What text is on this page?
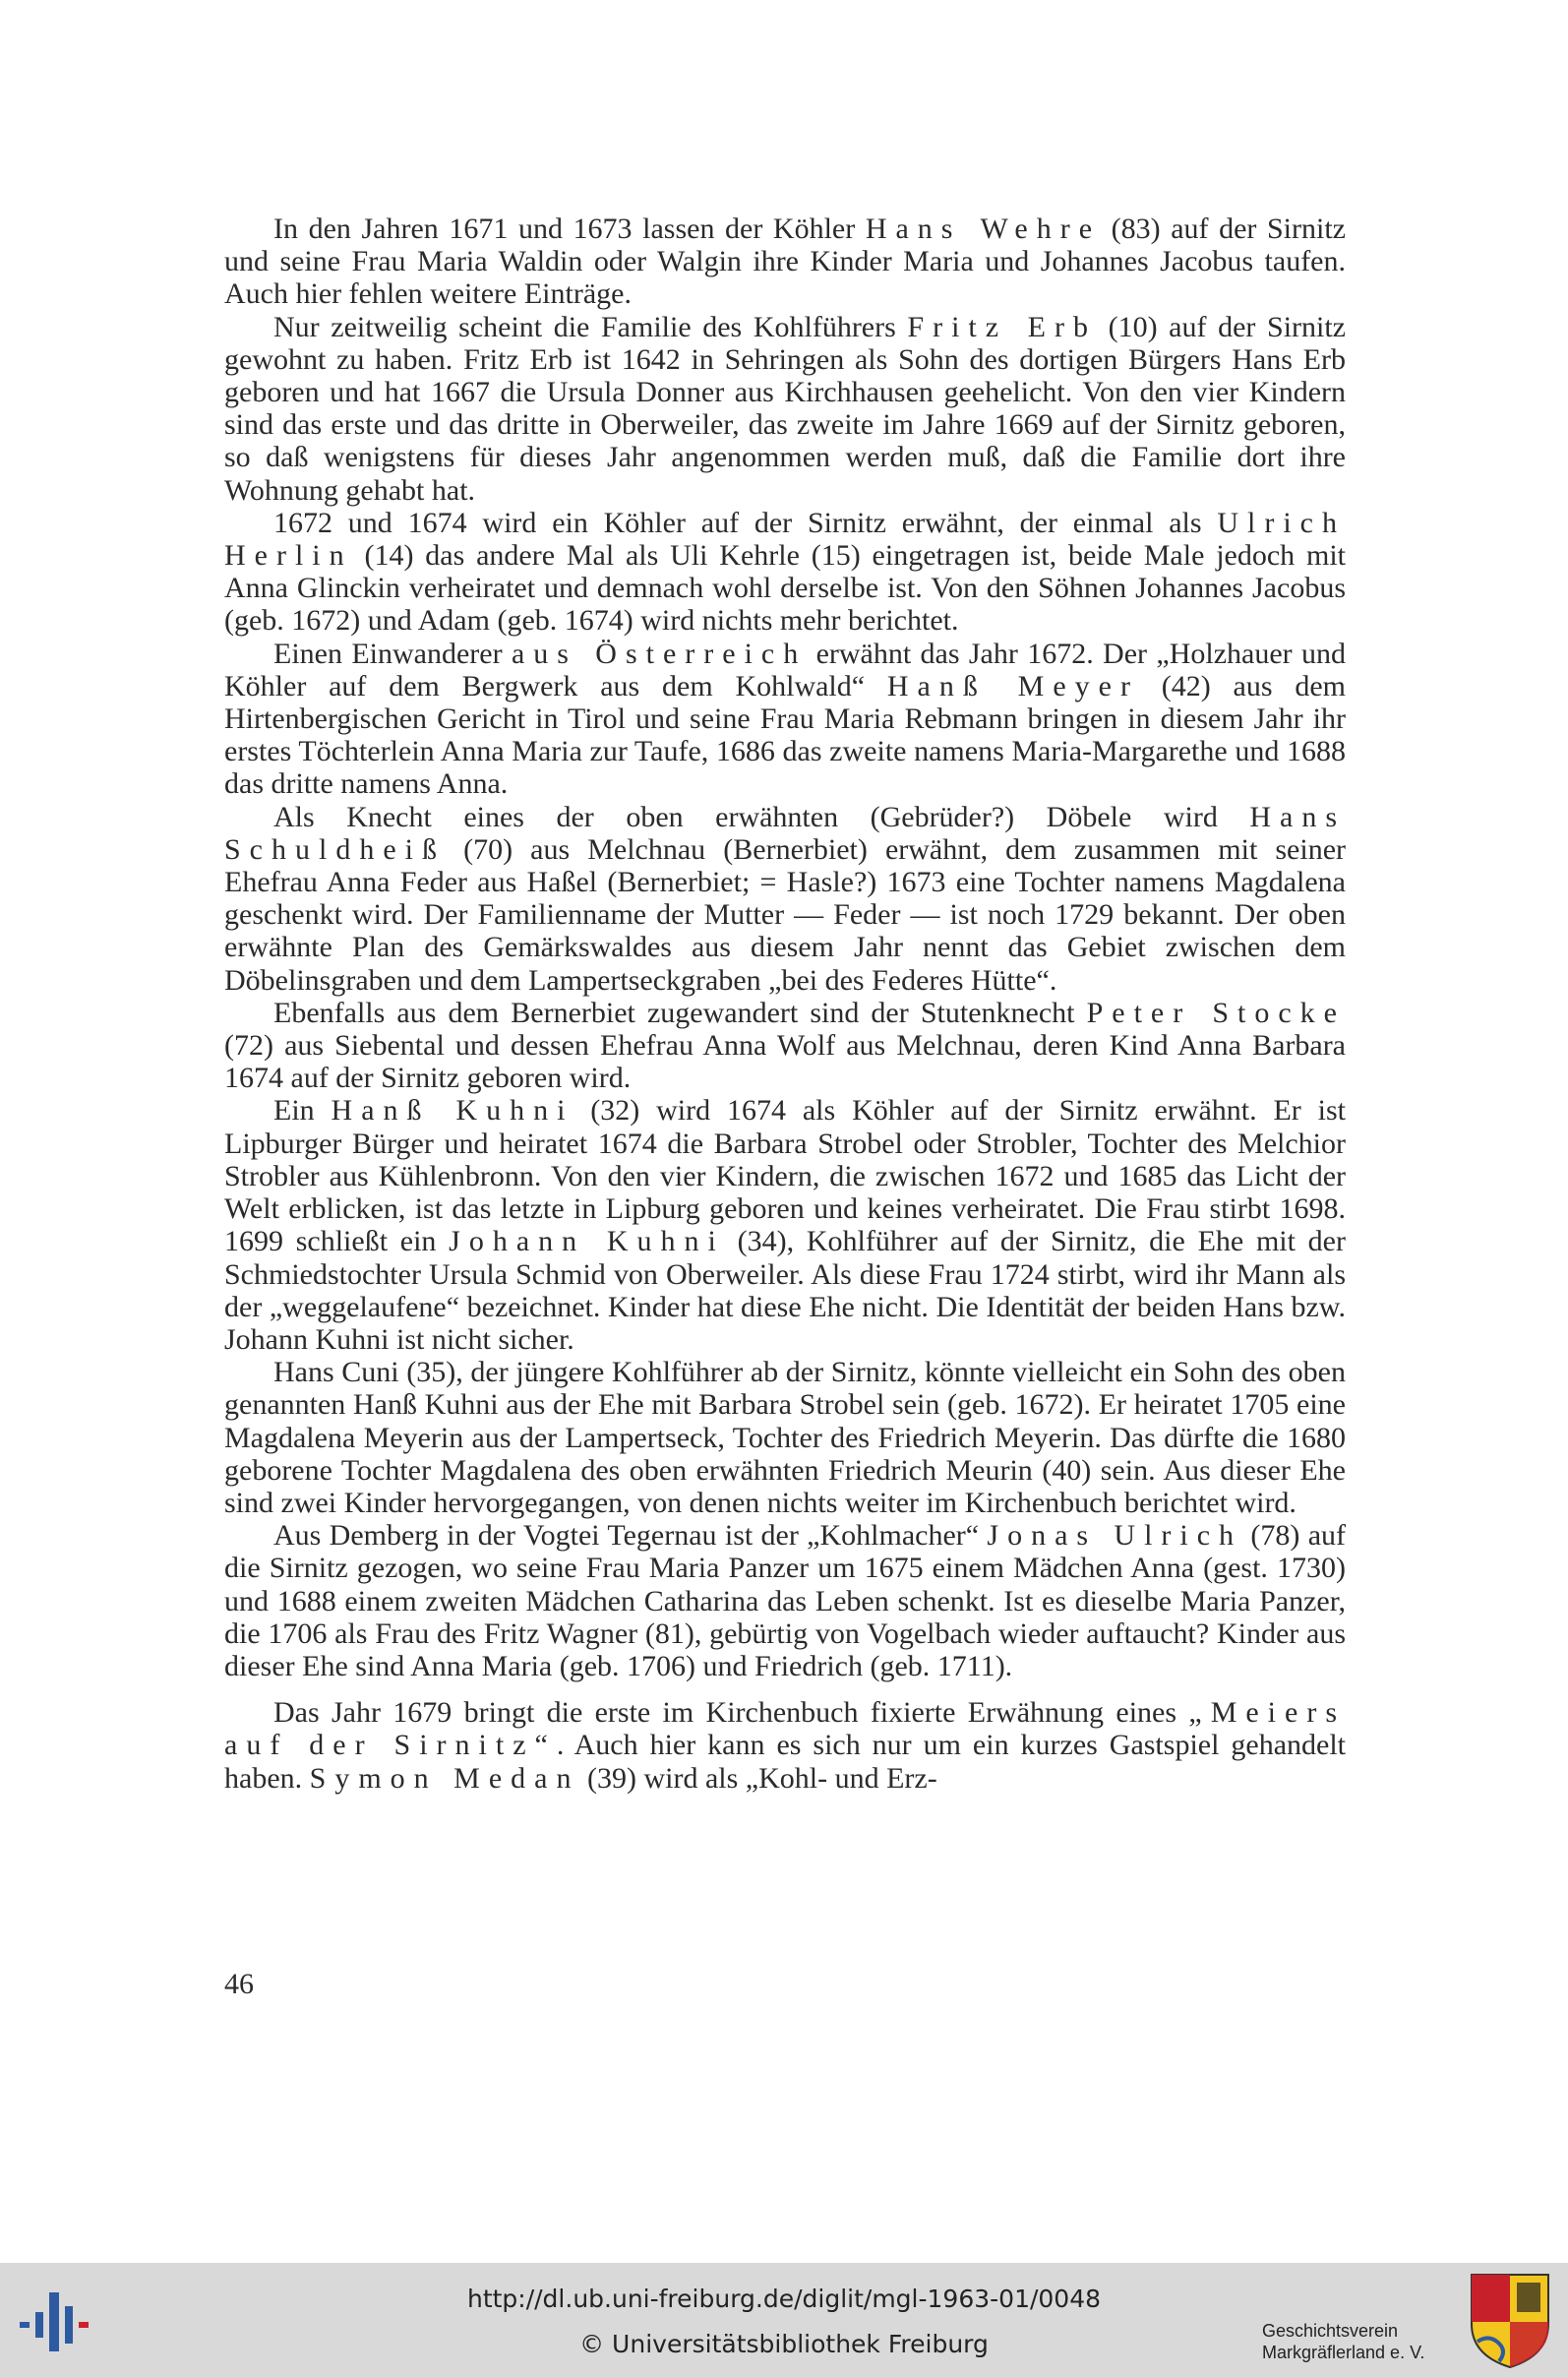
In den Jahren 1671 und 1673 lassen der Köhler Hans Wehre (83) auf der Sirnitz und seine Frau Maria Waldin oder Walgin ihre Kinder Maria und Johannes Jacobus taufen. Auch hier fehlen weitere Einträge.

Nur zeitweilig scheint die Familie des Kohlführers Fritz Erb (10) auf der Sirnitz gewohnt zu haben. Fritz Erb ist 1642 in Sehringen als Sohn des dortigen Bürgers Hans Erb geboren und hat 1667 die Ursula Donner aus Kirchhausen geehelicht. Von den vier Kindern sind das erste und das dritte in Oberweiler, das zweite im Jahre 1669 auf der Sirnitz geboren, so daß wenigstens für dieses Jahr angenommen werden muß, daß die Familie dort ihre Wohnung gehabt hat.

1672 und 1674 wird ein Köhler auf der Sirnitz erwähnt, der einmal als Ulrich Herlin (14) das andere Mal als Uli Kehrle (15) eingetragen ist, beide Male jedoch mit Anna Glinckin verheiratet und demnach wohl derselbe ist. Von den Söhnen Johannes Jacobus (geb. 1672) und Adam (geb. 1674) wird nichts mehr berichtet.

Einen Einwanderer aus Österreich erwähnt das Jahr 1672. Der „Holzhauer und Köhler auf dem Bergwerk aus dem Kohlwald“ Hanß Meyer (42) aus dem Hirtenbergischen Gericht in Tirol und seine Frau Maria Rebmann bringen in diesem Jahr ihr erstes Töchterlein Anna Maria zur Taufe, 1686 das zweite namens Maria-Margarethe und 1688 das dritte namens Anna.

Als Knecht eines der oben erwähnten (Gebrüder?) Döbele wird Hans Schuldheiß (70) aus Melchnau (Bernerbiet) erwähnt, dem zusammen mit seiner Ehefrau Anna Feder aus Haßel (Bernerbiet; = Hasle?) 1673 eine Tochter namens Magdalena geschenkt wird. Der Familienname der Mutter — Feder — ist noch 1729 bekannt. Der oben erwähnte Plan des Gemärkswaldes aus diesem Jahr nennt das Gebiet zwischen dem Döbelinsgraben und dem Lampertseckgraben „bei des Federes Hütte“.

Ebenfalls aus dem Bernerbiet zugewandert sind der Stutenknecht Peter Stocke (72) aus Siebental und dessen Ehefrau Anna Wolf aus Melchnau, deren Kind Anna Barbara 1674 auf der Sirnitz geboren wird.

Ein Hanß Kuhni (32) wird 1674 als Köhler auf der Sirnitz erwähnt. Er ist Lipburger Bürger und heiratet 1674 die Barbara Strobel oder Strobler, Tochter des Melchior Strobler aus Kühlenbronn. Von den vier Kindern, die zwischen 1672 und 1685 das Licht der Welt erblicken, ist das letzte in Lipburg geboren und keines verheiratet. Die Frau stirbt 1698. 1699 schließt ein Johann Kuhni (34), Kohlführer auf der Sirnitz, die Ehe mit der Schmiedstochter Ursula Schmid von Oberweiler. Als diese Frau 1724 stirbt, wird ihr Mann als der „weggelaufene“ bezeichnet. Kinder hat diese Ehe nicht. Die Identität der beiden Hans bzw. Johann Kuhni ist nicht sicher.

Hans Cuni (35), der jüngere Kohlführer ab der Sirnitz, könnte vielleicht ein Sohn des oben genannten Hanß Kuhni aus der Ehe mit Barbara Strobel sein (geb. 1672). Er heiratet 1705 eine Magdalena Meyerin aus der Lampertseck, Tochter des Friedrich Meyerin. Das dürfte die 1680 geborene Tochter Magdalena des oben erwähnten Friedrich Meurin (40) sein. Aus dieser Ehe sind zwei Kinder hervorgegangen, von denen nichts weiter im Kirchenbuch berichtet wird.

Aus Demberg in der Vogtei Tegernau ist der „Kohlmacher“ Jonas Ulrich (78) auf die Sirnitz gezogen, wo seine Frau Maria Panzer um 1675 einem Mädchen Anna (gest. 1730) und 1688 einem zweiten Mädchen Catharina das Leben schenkt. Ist es dieselbe Maria Panzer, die 1706 als Frau des Fritz Wagner (81), gebürtig von Vogelbach wieder auftaucht? Kinder aus dieser Ehe sind Anna Maria (geb. 1706) und Friedrich (geb. 1711).

Das Jahr 1679 bringt die erste im Kirchenbuch fixierte Erwähnung eines „Meiers auf der Sirnitz“. Auch hier kann es sich nur um ein kurzes Gastspiel gehandelt haben. Symon Medan (39) wird als „Kohl- und Erz-

46
http://dl.ub.uni-freiburg.de/diglit/mgl-1963-01/0048
© Universitätsbibliothek Freiburg	Geschichtsverein
Markgräflerland e. V.
